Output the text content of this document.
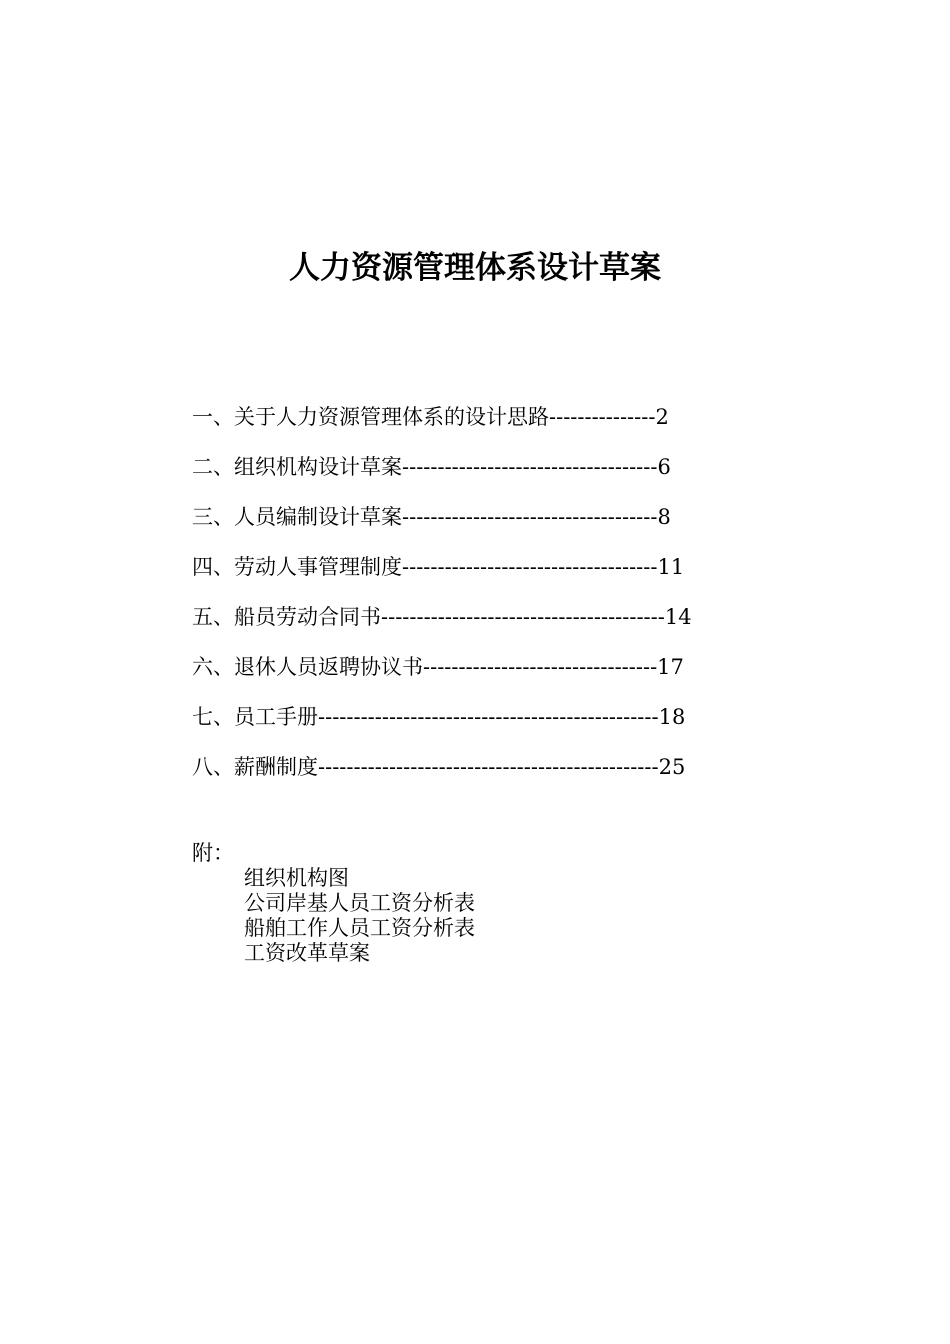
人力资源管理体系设计草案
一、关于人力资源管理体系的设计思路---------------2
二、组织机构设计草案------------------------------------6
三、人员编制设计草案------------------------------------8
四、劳动人事管理制度------------------------------------11
五、船员劳动合同书----------------------------------------14
六、退休人员返聘协议书---------------------------------17
七、员工手册------------------------------------------------18
八、薪酬制度------------------------------------------------25
附：
组织机构图
公司岸基人员工资分析表
船舶工作人员工资分析表
工资改革草案
